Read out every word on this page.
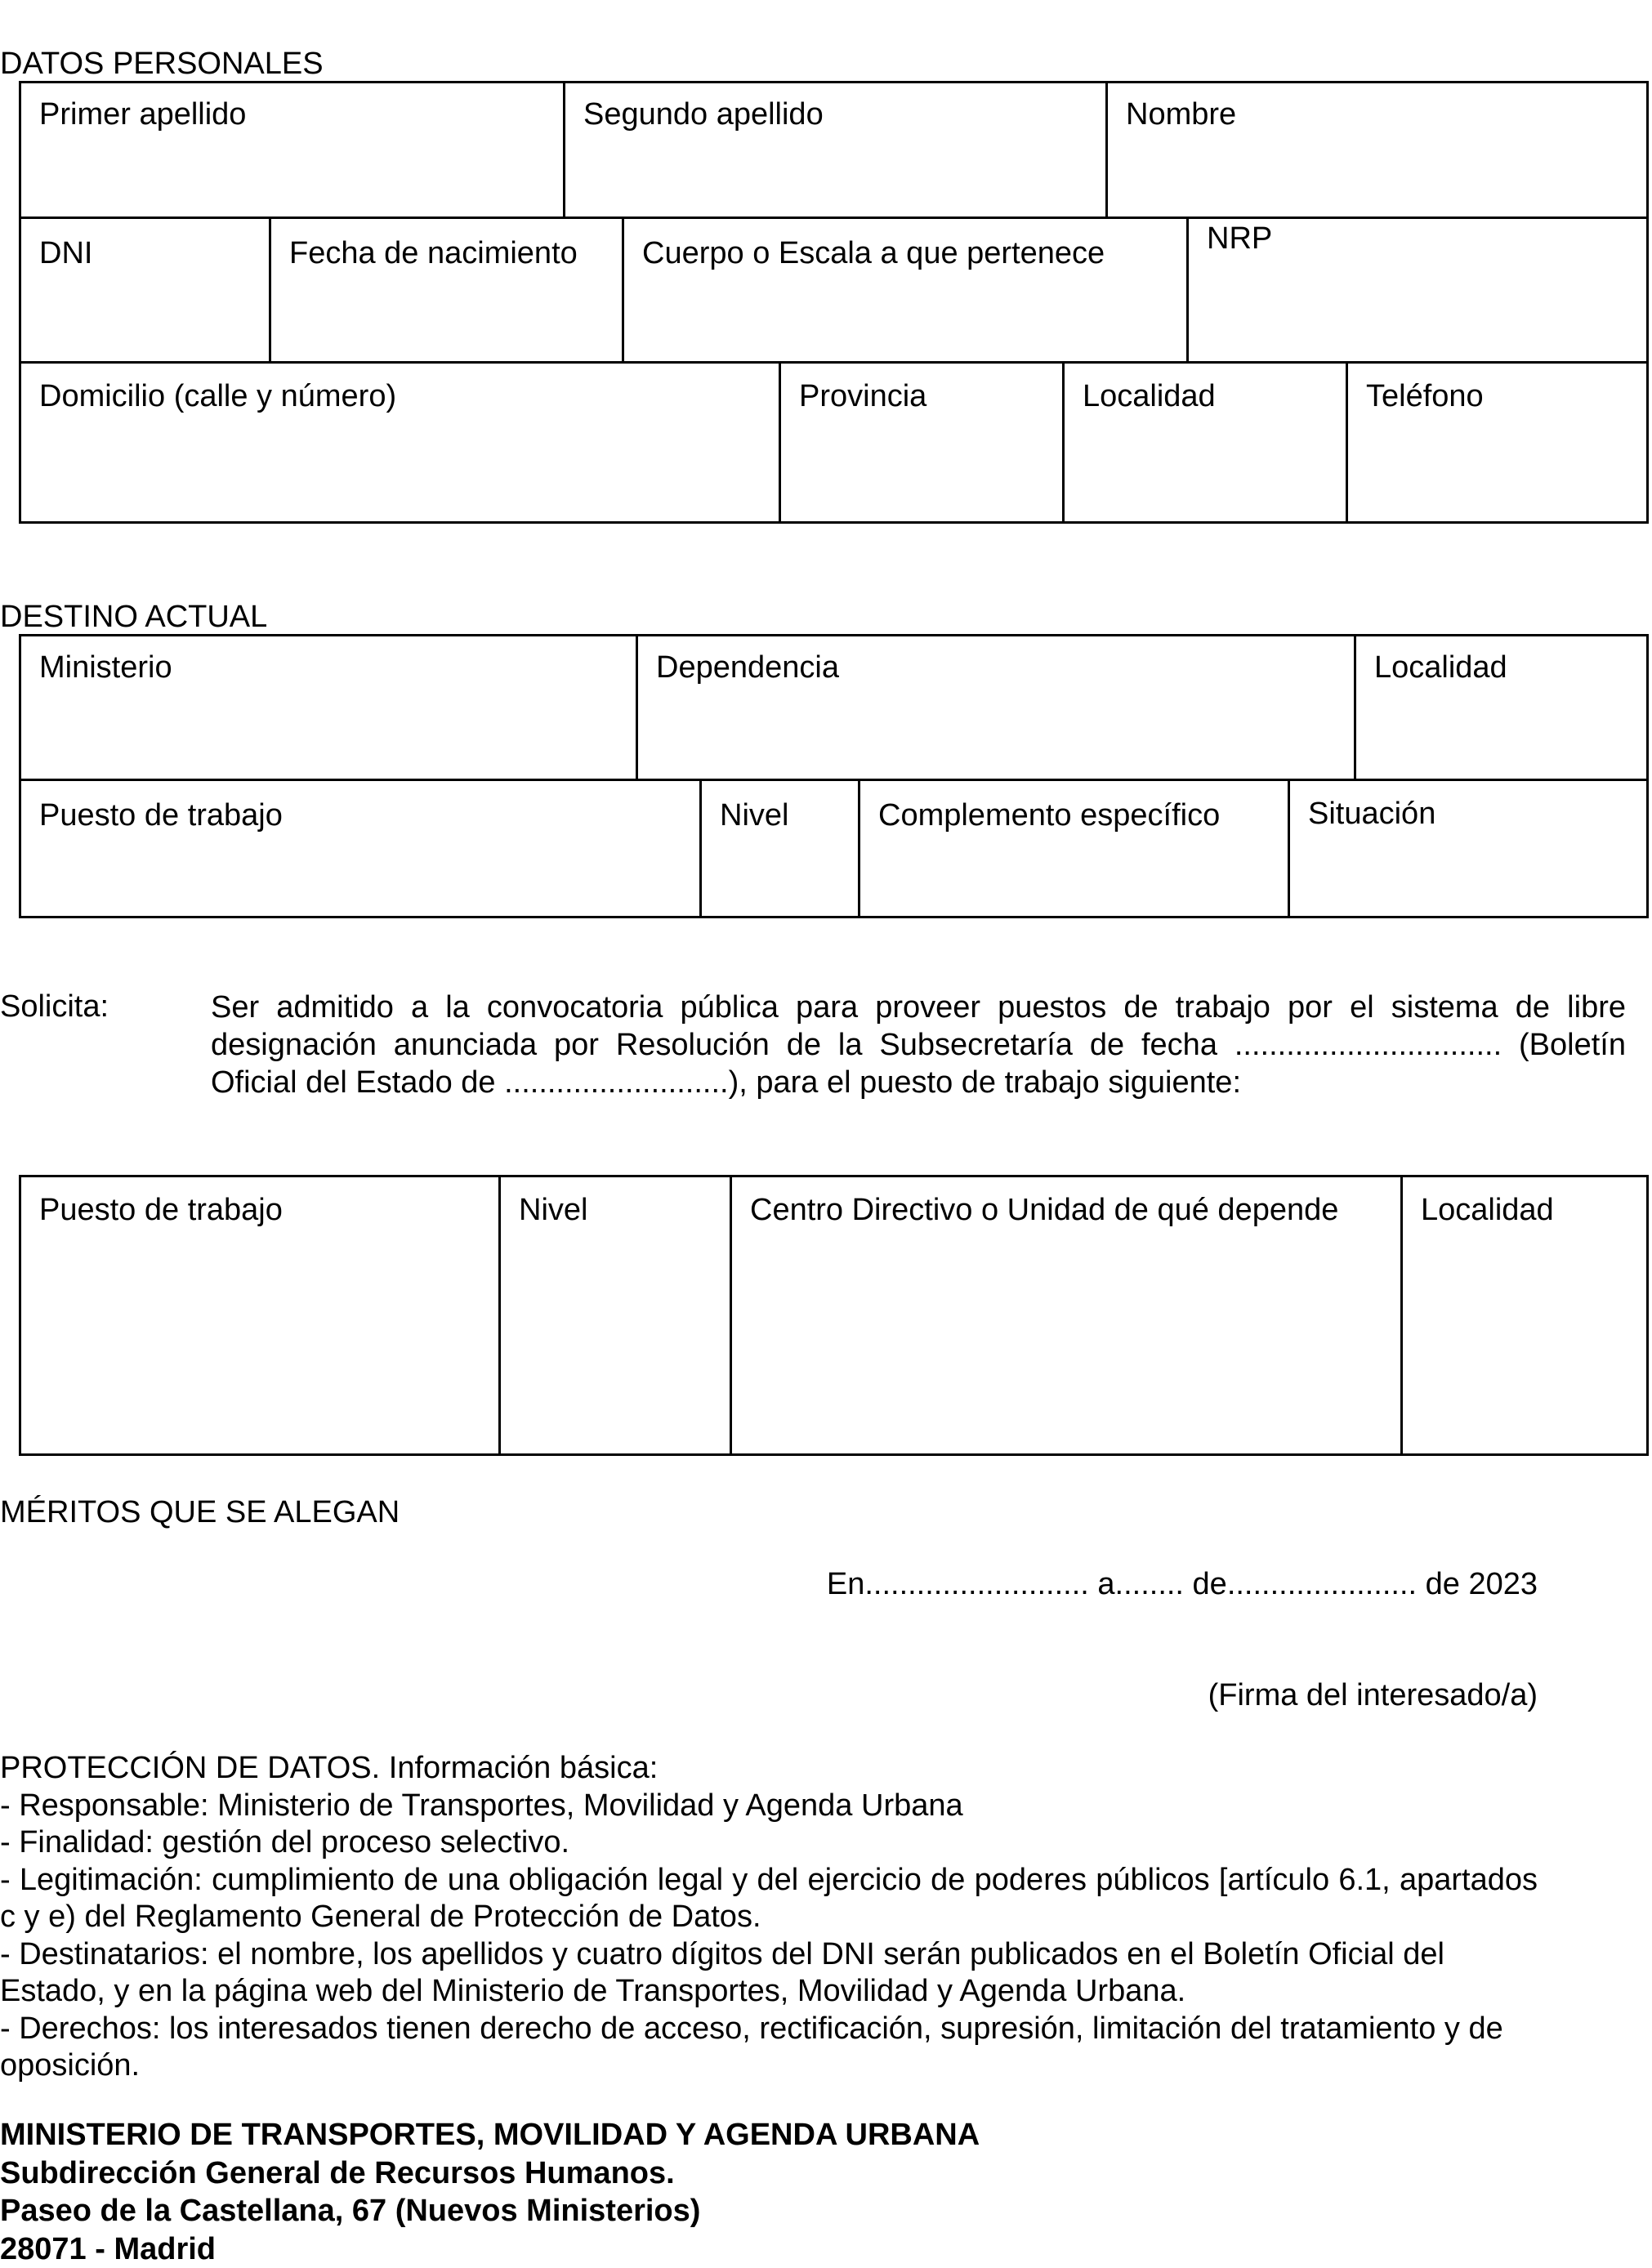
DATOS PERSONALES
Primer apellido	Segundo apellido	Nombre
DNI	Fecha de nacimiento	Cuerpo o Escala a que pertenece	NRP
Domicilio (calle y número)	Provincia	Localidad	Teléfono
DESTINO ACTUAL
Ministerio	Dependencia	Localidad
Puesto de trabajo	Nivel	Complemento específico	Situación
Solicita:	Ser admitido a la convocatoria pública para proveer puestos de trabajo por el sistema de libre designación anunciada por Resolución de la Subsecretaría de fecha ............................... (Boletín Oficial del Estado de ..........................), para el puesto de trabajo siguiente:
Puesto de trabajo	Nivel	Centro Directivo o Unidad de qué depende	Localidad
MÉRITOS QUE SE ALEGAN
En.......................... a........ de...................... de 2023
(Firma del interesado/a)

PROTECCIÓN DE DATOS. Información básica:

- Responsable: Ministerio de Transportes, Movilidad y Agenda Urbana

- Finalidad: gestión del proceso selectivo.

- Legitimación: cumplimiento de una obligación legal y del ejercicio de poderes públicos [artículo 6.1, apartados c y e) del Reglamento General de Protección de Datos.

- Destinatarios: el nombre, los apellidos y cuatro dígitos del DNI serán publicados en el Boletín Oficial del Estado, y en la página web del Ministerio de Transportes, Movilidad y Agenda Urbana.

- Derechos: los interesados tienen derecho de acceso, rectificación, supresión, limitación del tratamiento y de oposición.

MINISTERIO DE TRANSPORTES, MOVILIDAD Y AGENDA URBANA

Subdirección General de Recursos Humanos.

Paseo de la Castellana, 67 (Nuevos Ministerios)

28071 - Madrid
